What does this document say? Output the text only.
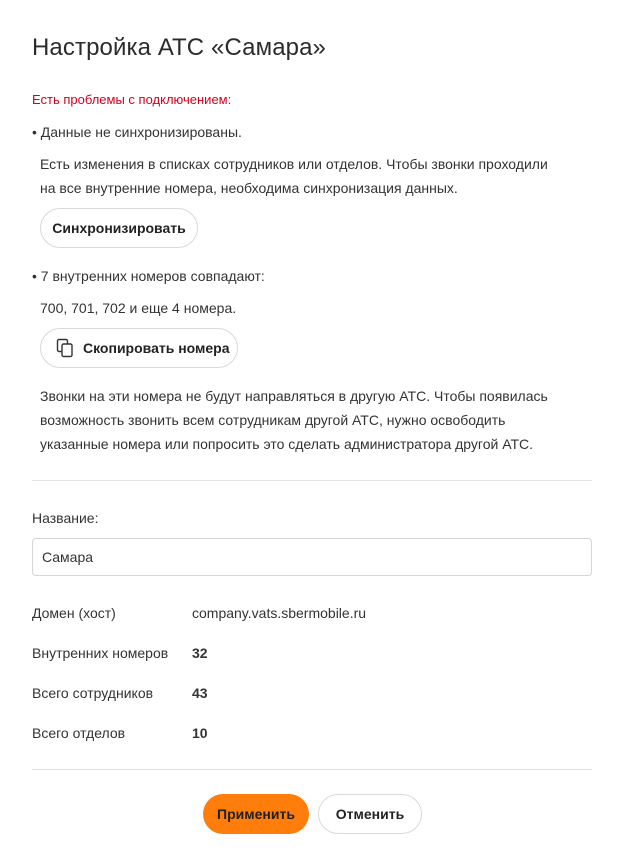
Настройка АТС «Самара»
Есть проблемы с подключением:
• Данные не синхронизированы.
Есть изменения в списках сотрудников или отделов. Чтобы звонки проходили
на все внутренние номера, необходима синхронизация данных.
Синхронизировать
• 7 внутренних номеров совпадают:
700, 701, 702 и еще 4 номера.
Скопировать номера
Звонки на эти номера не будут направляться в другую АТС. Чтобы появилась
возможность звонить всем сотрудникам другой АТС, нужно освободить
указанные номера или попросить это сделать администратора другой АТС.
Название:
Самара
Домен (хост)	company.vats.sbermobile.ru
Внутренних номеров 32
Всего сотрудников	43
Всего отделов	10
Применить	Отменить
